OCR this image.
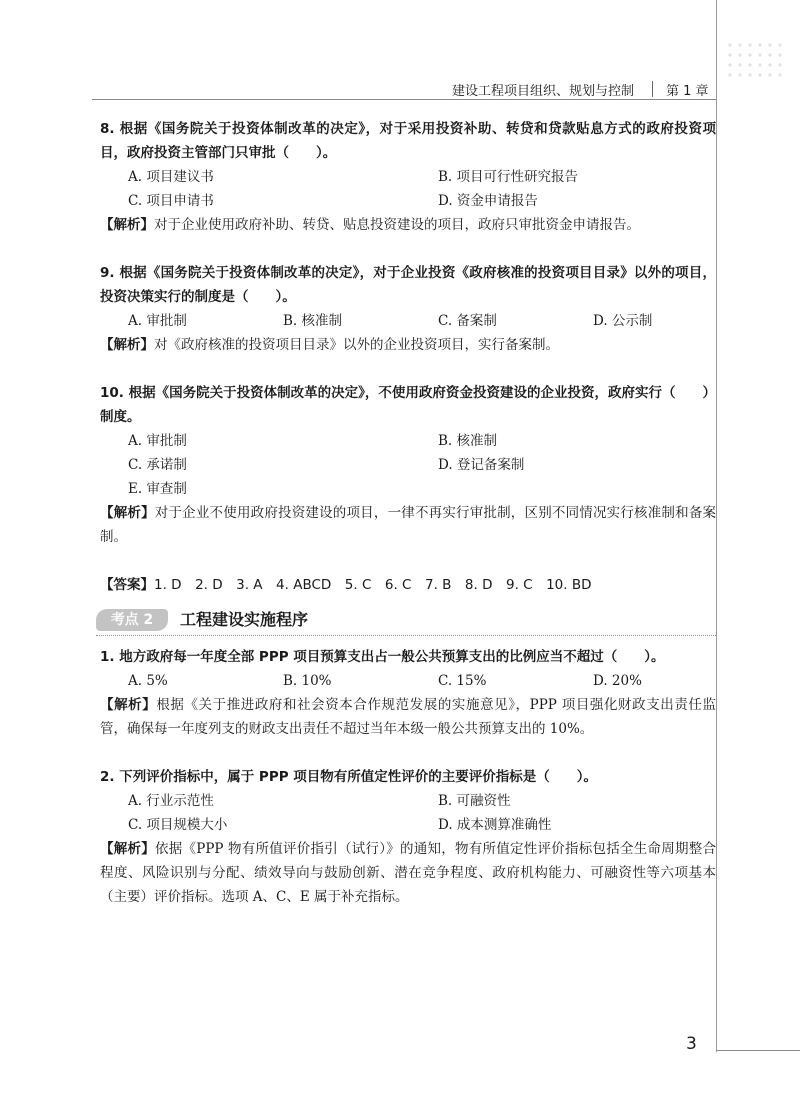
建设工程项目组织、规划与控制 第 1 章

8. 根据《国务院关于投资体制改革的决定》，对于采用投资补助、转贷和贷款贴息方式的政府投资项目，政府投资主管部门只审批（　　）。

A. 项目建议书	B. 项目可行性研究报告
C. 项目申请书	D. 资金申请报告

【解析】对于企业使用政府补助、转贷、贴息投资建设的项目，政府只审批资金申请报告。

9. 根据《国务院关于投资体制改革的决定》，对于企业投资《政府核准的投资项目目录》以外的项目，投资决策实行的制度是（　　）。

A. 审批制	B. 核准制	C. 备案制	D. 公示制

【解析】对《政府核准的投资项目目录》以外的企业投资项目，实行备案制。

10. 根据《国务院关于投资体制改革的决定》，不使用政府资金投资建设的企业投资，政府实行（　　）制度。

A. 审批制	B. 核准制
C. 承诺制	D. 登记备案制
E. 审查制

【解析】对于企业不使用政府投资建设的项目，一律不再实行审批制，区别不同情况实行核准制和备案制。

【答案】1. D　2. D　3. A　4. ABCD　5. C　6. C　7. B　8. D　9. C　10. BD

考点 2	工程建设实施程序

1. 地方政府每一年度全部 PPP 项目预算支出占一般公共预算支出的比例应当不超过（　　）。

A. 5%	B. 10%	C. 15%	D. 20%

【解析】根据《关于推进政府和社会资本合作规范发展的实施意见》，PPP 项目强化财政支出责任监管，确保每一年度列支的财政支出责任不超过当年本级一般公共预算支出的 10%。

2. 下列评价指标中，属于 PPP 项目物有所值定性评价的主要评价指标是（　　）。

A. 行业示范性	B. 可融资性
C. 项目规模大小	D. 成本测算准确性

【解析】依据《PPP 物有所值评价指引（试行）》的通知，物有所值定性评价指标包括全生命周期整合程度、风险识别与分配、绩效导向与鼓励创新、潜在竞争程度、政府机构能力、可融资性等六项基本（主要）评价指标。选项 A、C、E 属于补充指标。

3
